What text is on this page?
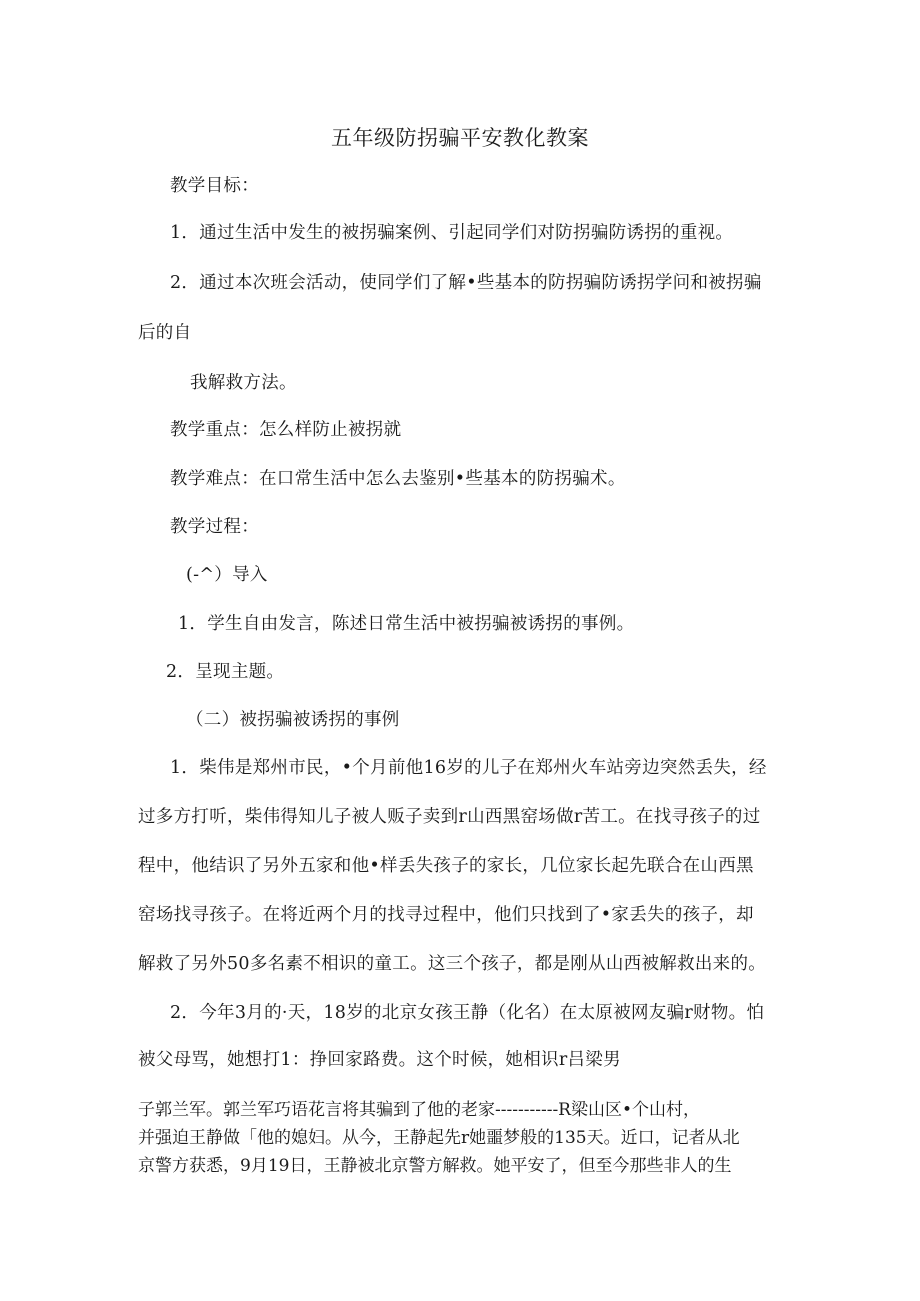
五年级防拐骗平安教化教案
教学目标：
1．通过生活中发生的被拐骗案例、引起同学们对防拐骗防诱拐的重视。
2．通过本次班会活动，使同学们了解•些基本的防拐骗防诱拐学问和被拐骗
后的自
我解救方法。
教学重点：怎么样防止被拐就
教学难点：在口常生活中怎么去鉴别•些基本的防拐骗术。
教学过程：
(-^）导入
1．学生自由发言，陈述日常生活中被拐骗被诱拐的事例。
2．呈现主题。
（二）被拐骗被诱拐的事例
1．柴伟是郑州市民，•个月前他16岁的儿子在郑州火车站旁边突然丢失，经
过多方打听，柴伟得知儿子被人贩子卖到r山西黑窑场做r苦工。在找寻孩子的过
程中，他结识了另外五家和他•样丢失孩子的家长，几位家长起先联合在山西黑
窑场找寻孩子。在将近两个月的找寻过程中，他们只找到了•家丢失的孩子，却
解救了另外50多名素不相识的童工。这三个孩子，都是刚从山西被解救出来的。
2．今年3月的·天，18岁的北京女孩王静（化名）在太原被网友骗r财物。怕
被父母骂，她想打1：挣回家路费。这个时候，她相识r吕梁男
子郭兰军。郭兰军巧语花言将其骗到了他的老家-----------R梁山区•个山村，
并强迫王静做「他的媳妇。从今，王静起先r她噩梦般的135天。近口，记者从北
京警方获悉，9月19日，王静被北京警方解救。她平安了，但至今那些非人的生
